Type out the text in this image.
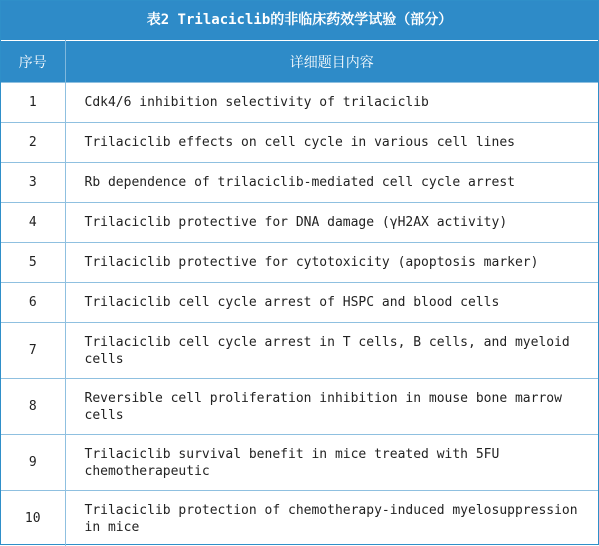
表2 Trilaciclib的非临床药效学试验（部分）
序号	详细题目内容
1	Cdk4/6 inhibition selectivity of trilaciclib
2	Trilaciclib effects on cell cycle in various cell lines
3	Rb dependence of trilaciclib-mediated cell cycle arrest
4	Trilaciclib protective for DNA damage (γH2AX activity)
5	Trilaciclib protective for cytotoxicity (apoptosis marker)
6	Trilaciclib cell cycle arrest of HSPC and blood cells
7	Trilaciclib cell cycle arrest in T cells, B cells, and myeloid cells
8	Reversible cell proliferation inhibition in mouse bone marrow cells
9	Trilaciclib survival benefit in mice treated with 5FU chemotherapeutic
10	Trilaciclib protection of chemotherapy-induced myelosuppression in mice
